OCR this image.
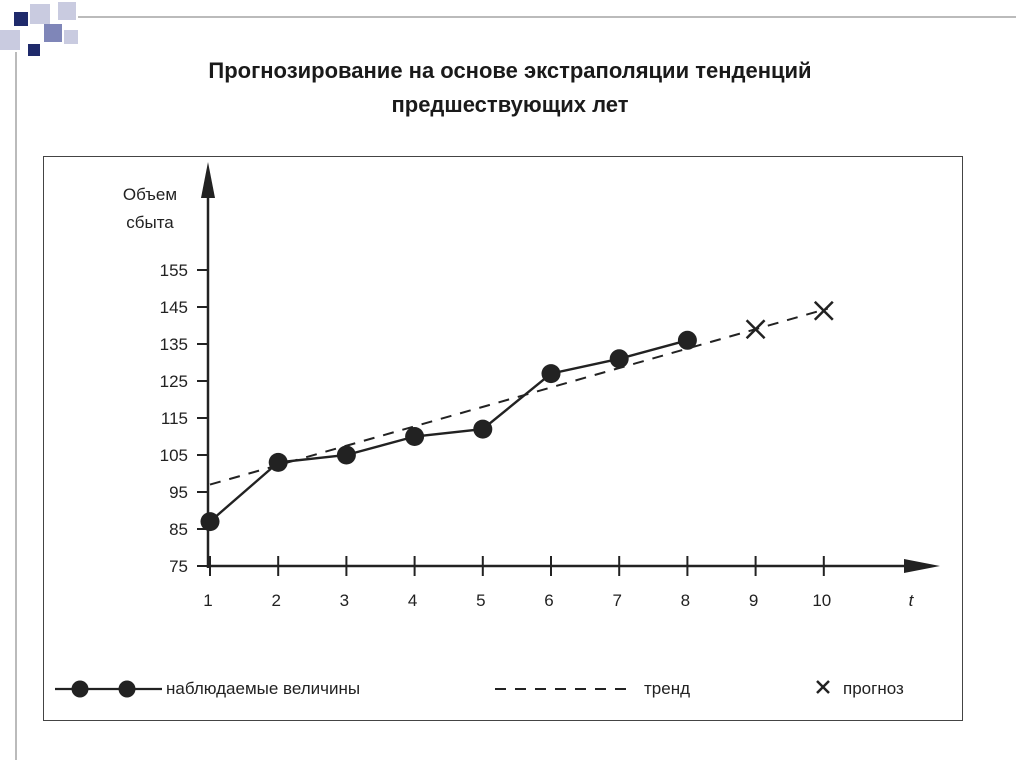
Прогнозирование на основе экстраполяции тенденций
предшествующих лет
Объем
сбыта
t
155
145
135
125
115
105
95
85
75
1	2	3	4	5	6	7	8	9	10
наблюдаемые величины	тренд	прогноз
